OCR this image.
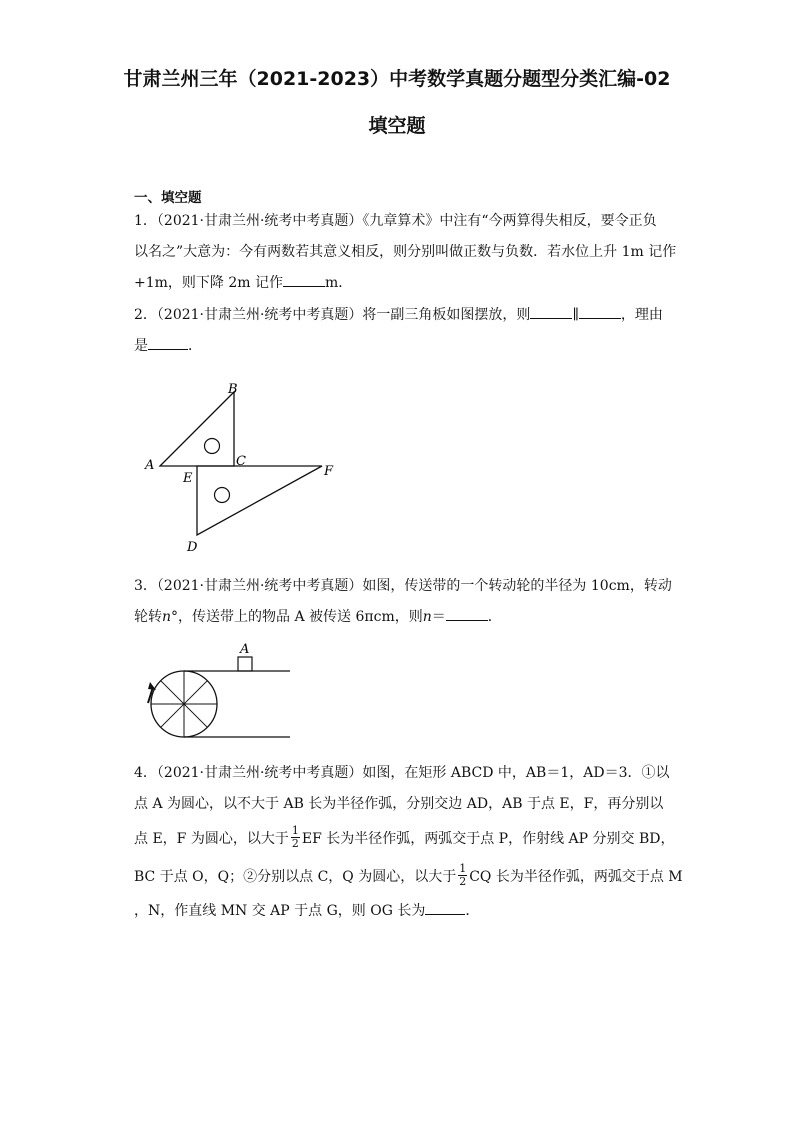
甘肃兰州三年（2021-2023）中考数学真题分题型分类汇编-02
填空题
一、填空题
1．（2021·甘肃兰州·统考中考真题）《九章算术》中注有“今两算得失相反，要令正负
以名之”大意为：今有两数若其意义相反，则分别叫做正数与负数．若水位上升 1m 记作
+1m，则下降 2m 记作	m．
2．（2021·甘肃兰州·统考中考真题）将一副三角板如图摆放，则	∥	，理由
是	．
B
A	C
E	F
D
3．（2021·甘肃兰州·统考中考真题）如图，传送带的一个转动轮的半径为 10cm，转动
轮转n°，传送带上的物品 A 被传送 6πcm，则n＝	．
A
4．（2021·甘肃兰州·统考中考真题）如图，在矩形 ABCD 中，AB＝1，AD＝3．①以
点 A 为圆心，以不大于 AB 长为半径作弧，分别交边 AD，AB 于点 E，F，再分别以
点 E，F 为圆心，以大于 $\frac{1}{2}$ EF 长为半径作弧，两弧交于点 P，作射线 AP 分别交 BD，
BC 于点 O，Q；②分别以点 C，Q 为圆心，以大于 $\frac{1}{2}$ CQ 长为半径作弧，两弧交于点 M
，N，作直线 MN 交 AP 于点 G，则 OG 长为	．
